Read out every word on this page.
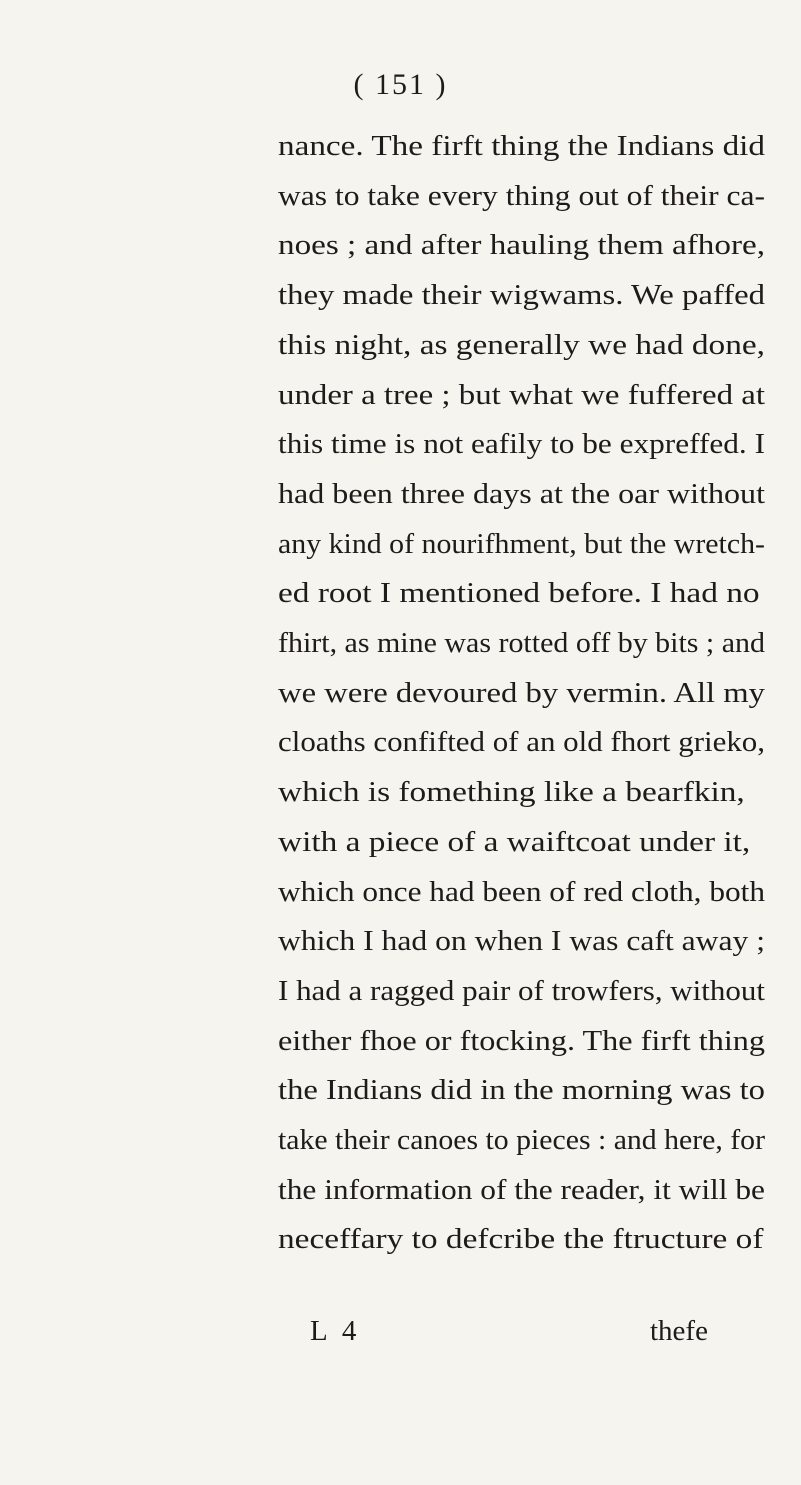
( 151 )
nance. The firft thing the Indians did
was to take every thing out of their ca-
noes ; and after hauling them afhore,
they made their wigwams. We paffed
this night, as generally we had done,
under a tree ; but what we fuffered at
this time is not eafily to be expreffed. I
had been three days at the oar without
any kind of nourifhment, but the wretch-
ed root I mentioned before. I had no
fhirt, as mine was rotted off by bits ; and
we were devoured by vermin. All my
cloaths confifted of an old fhort grieko,
which is fomething like a bearfkin,
with a piece of a waiftcoat under it,
which once had been of red cloth, both
which I had on when I was caft away ;
I had a ragged pair of trowfers, without
either fhoe or ftocking. The firft thing
the Indians did in the morning was to
take their canoes to pieces : and here, for
the information of the reader, it will be
neceffary to defcribe the ftructure of
L 4	thefe
